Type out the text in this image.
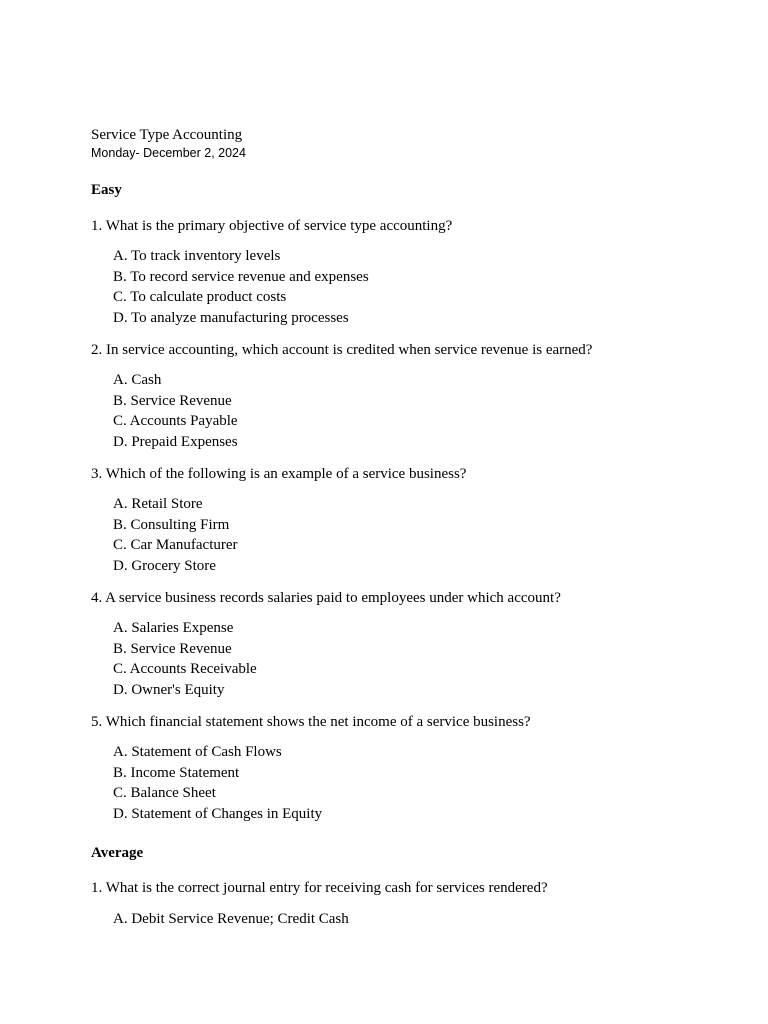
Service Type Accounting

Monday- December 2, 2024

Easy

1. What is the primary objective of service type accounting?

A. To track inventory levels
B. To record service revenue and expenses
C. To calculate product costs
D. To analyze manufacturing processes

2. In service accounting, which account is credited when service revenue is earned?

A. Cash
B. Service Revenue
C. Accounts Payable
D. Prepaid Expenses

3. Which of the following is an example of a service business?

A. Retail Store
B. Consulting Firm
C. Car Manufacturer
D. Grocery Store

4. A service business records salaries paid to employees under which account?

A. Salaries Expense
B. Service Revenue
C. Accounts Receivable
D. Owner's Equity

5. Which financial statement shows the net income of a service business?

A. Statement of Cash Flows
B. Income Statement
C. Balance Sheet
D. Statement of Changes in Equity

Average

1. What is the correct journal entry for receiving cash for services rendered?

A. Debit Service Revenue; Credit Cash
